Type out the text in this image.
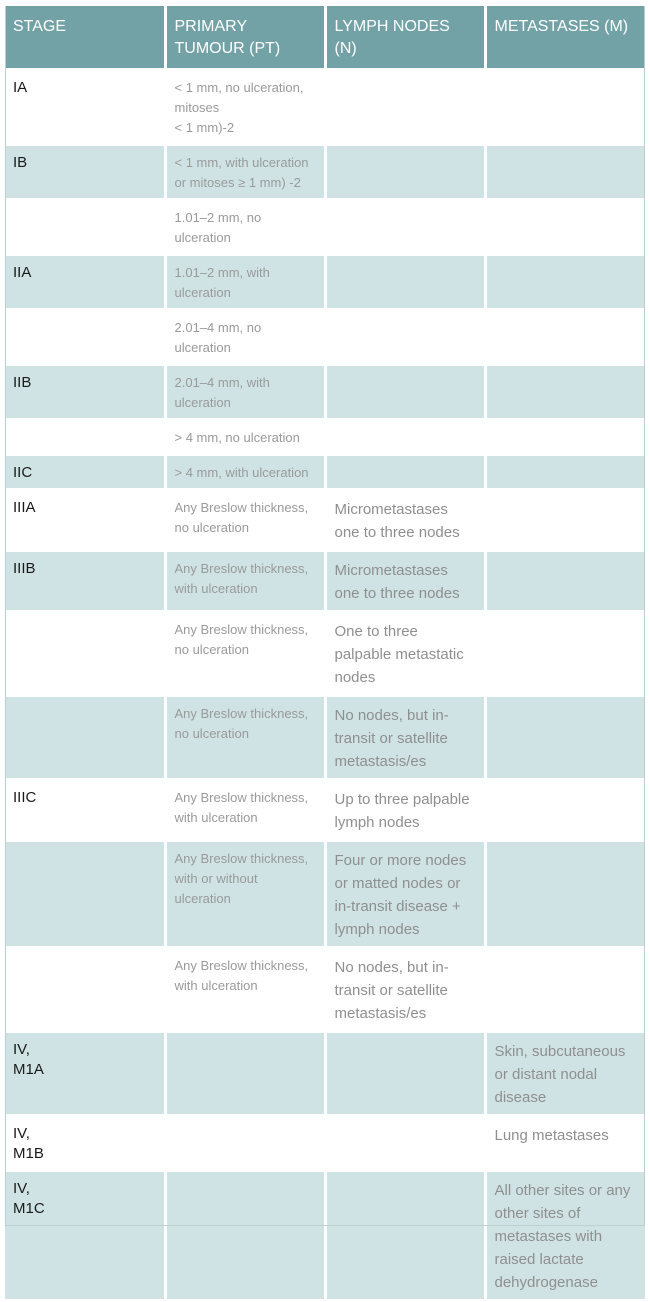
STAGE	PRIMARY TUMOUR (PT)	LYMPH NODES (N)	METASTASES (M)
IA	< 1 mm, no ulceration, mitoses
< 1 mm)-2		
IB	< 1 mm, with ulceration or mitoses ≥ 1 mm) -2		
	1.01–2 mm, no ulceration		
IIA	1.01–2 mm, with ulceration		
	2.01–4 mm, no ulceration		
IIB	2.01–4 mm, with ulceration		
	> 4 mm, no ulceration		
IIC	> 4 mm, with ulceration		
IIIA	Any Breslow thickness, no ulceration	Micrometastases one to three nodes	
IIIB	Any Breslow thickness, with ulceration	Micrometastases one to three nodes	
	Any Breslow thickness, no ulceration	One to three palpable metastatic nodes	
	Any Breslow thickness, no ulceration	No nodes, but in-transit or satellite metastasis/es	
IIIC	Any Breslow thickness, with ulceration	Up to three palpable lymph nodes	
	Any Breslow thickness, with or without ulceration	Four or more nodes or matted nodes or in-transit disease + lymph nodes	
	Any Breslow thickness, with ulceration	No nodes, but in-transit or satellite metastasis/es	
IV,
M1A			Skin, subcutaneous or distant nodal disease
IV,
M1B			Lung metastases
IV,
M1C			All other sites or any other sites of metastases with raised lactate dehydrogenase
